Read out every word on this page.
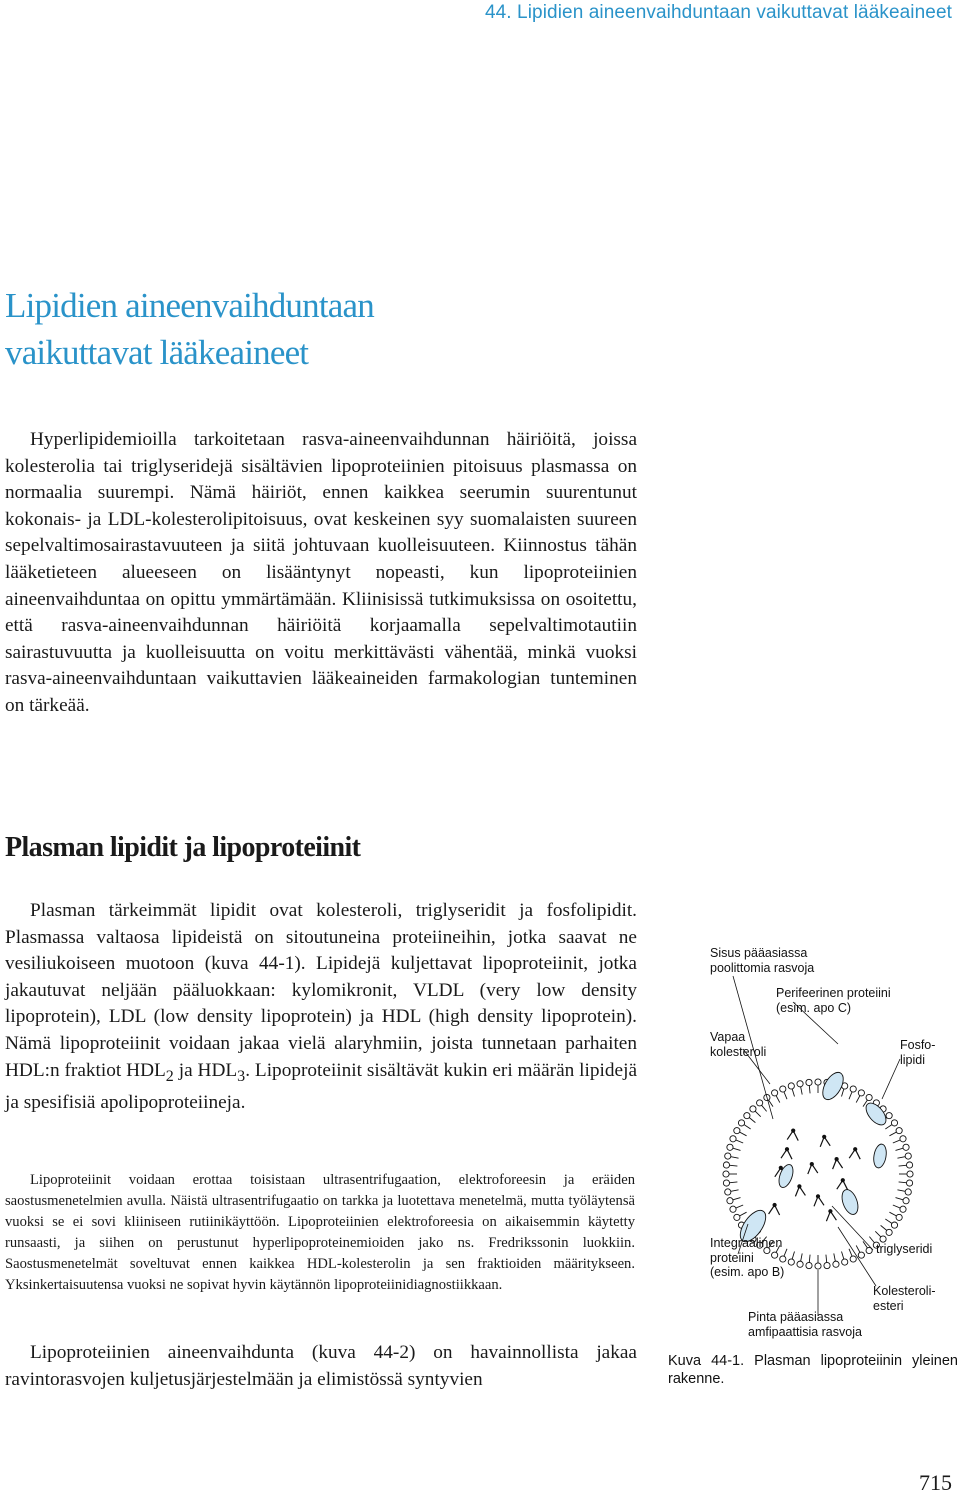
44. Lipidien aineenvaihduntaan vaikuttavat lääkeaineet
Lipidien aineenvaihduntaan
vaikuttavat lääkeaineet

Hyperlipidemioilla tarkoitetaan rasva-aineenvaihdunnan häiriöitä, joissa kolesterolia tai triglyseridejä sisältävien lipoproteiinien pitoisuus plasmassa on normaalia suurempi. Nämä häiriöt, ennen kaikkea seerumin suurentunut kokonais- ja LDL-kolesterolipitoisuus, ovat keskeinen syy suomalaisten suureen sepelvaltimosairastavuuteen ja siitä johtuvaan kuolleisuuteen. Kiinnostus tähän lääketieteen alueeseen on lisääntynyt nopeasti, kun lipoproteiinien aineenvaihduntaa on opittu ymmärtämään. Kliinisissä tutkimuksissa on osoitettu, että rasva-aineenvaihdunnan häiriöitä korjaamalla sepelvaltimotautiin sairastuvuutta ja kuolleisuutta on voitu merkittävästi vähentää, minkä vuoksi rasva-aineenvaihduntaan vaikuttavien lääkeaineiden farmakologian tunteminen on tärkeää.

Plasman lipidit ja lipoproteiinit

Plasman tärkeimmät lipidit ovat kolesteroli, triglyseridit ja fosfolipidit. Plasmassa valtaosa lipideistä on sitoutuneina proteiineihin, jotka saavat ne vesiliukoiseen muotoon (kuva 44-1). Lipidejä kuljettavat lipoproteiinit, jotka jakautuvat neljään pääluokkaan: kylomikronit, VLDL (very low density lipoprotein), LDL (low density lipoprotein) ja HDL (high density lipoprotein). Nämä lipoproteiinit voidaan jakaa vielä alaryhmiin, joista tunnetaan parhaiten HDL:n fraktiot $HDL_2$ ja $HDL_3$. Lipoproteiinit sisältävät kukin eri määrän lipidejä ja spesifisiä apolipoproteiineja.

Lipoproteiinit voidaan erottaa toisistaan ultrasentrifugaation, elektroforeesin ja eräiden saostusmenetelmien avulla. Näistä ultrasentrifugaatio on tarkka ja luotettava menetelmä, mutta työläytensä vuoksi se ei sovi kliiniseen rutiinikäyttöön. Lipoproteiinien elektroforeesia on aikaisemmin käytetty runsaasti, ja siihen on perustunut hyperlipoproteinemioiden jako ns. Fredrikssonin luokkiin. Saostusmenetelmät soveltuvat ennen kaikkea HDL-kolesterolin ja sen fraktioiden määritykseen. Yksinkertaisuutensa vuoksi ne sopivat hyvin käytännön lipoproteiinidiagnostiikkaan.

Lipoproteiinien aineenvaihdunta (kuva 44-2) on havainnollista jakaa ravintorasvojen kuljetusjärjestelmään ja elimistössä syntyvien

Sisus pääasiassa
poolittomia rasvoja
Perifeerinen proteiini
(esim. apo C)
Vapaa
kolesteroli	Fosfo-
lipidi
Integraalinen
proteiini
(esim. apo B)
triglyseridi
Kolesteroli-
esteri
Pinta pääasiassa
amfipaattisia rasvoja

Kuva 44-1. Plasman lipoproteiinin yleinen rakenne.

715
